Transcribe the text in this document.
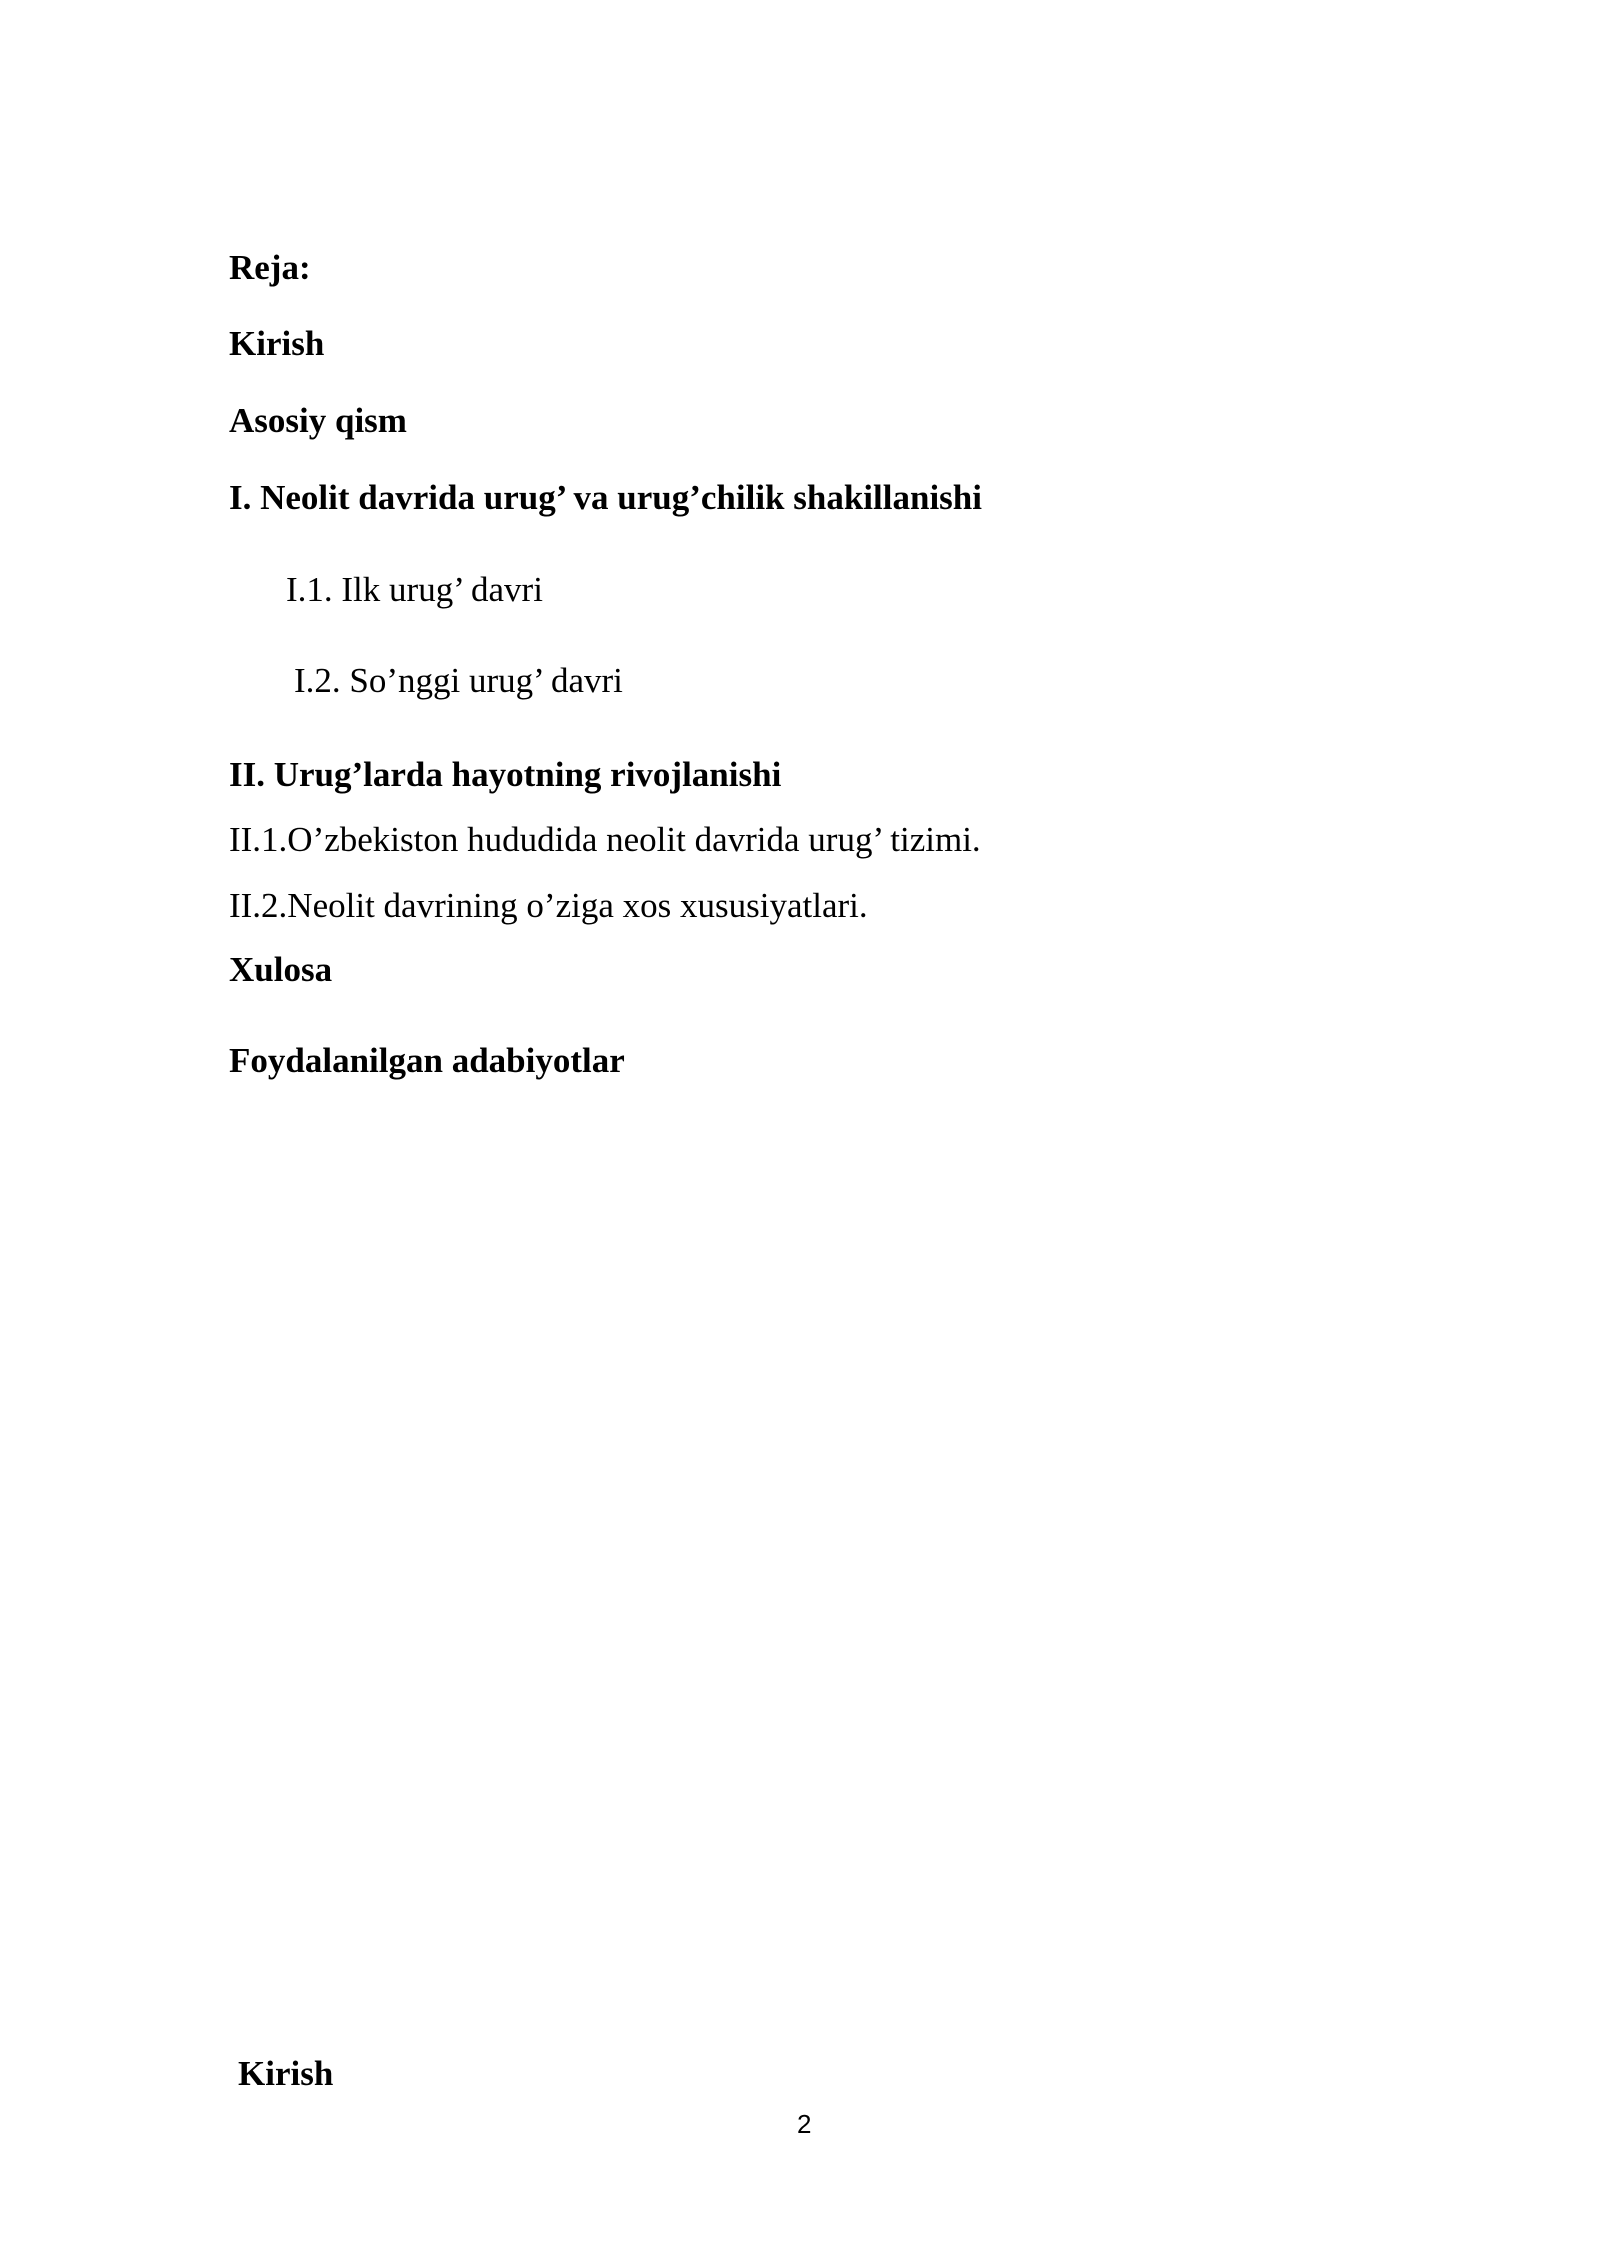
Reja:
Kirish
Asosiy qism
I. Neolit davrida urug’ va urug’chilik shakillanishi
I.1. Ilk urug’ davri
I.2. So’nggi urug’ davri
II. Urug’larda hayotning rivojlanishi
II.1.O’zbekiston hududida neolit davrida urug’ tizimi.
II.2.Neolit davrining o’ziga xos xususiyatlari.
Xulosa
Foydalanilgan adabiyotlar
Kirish
2
